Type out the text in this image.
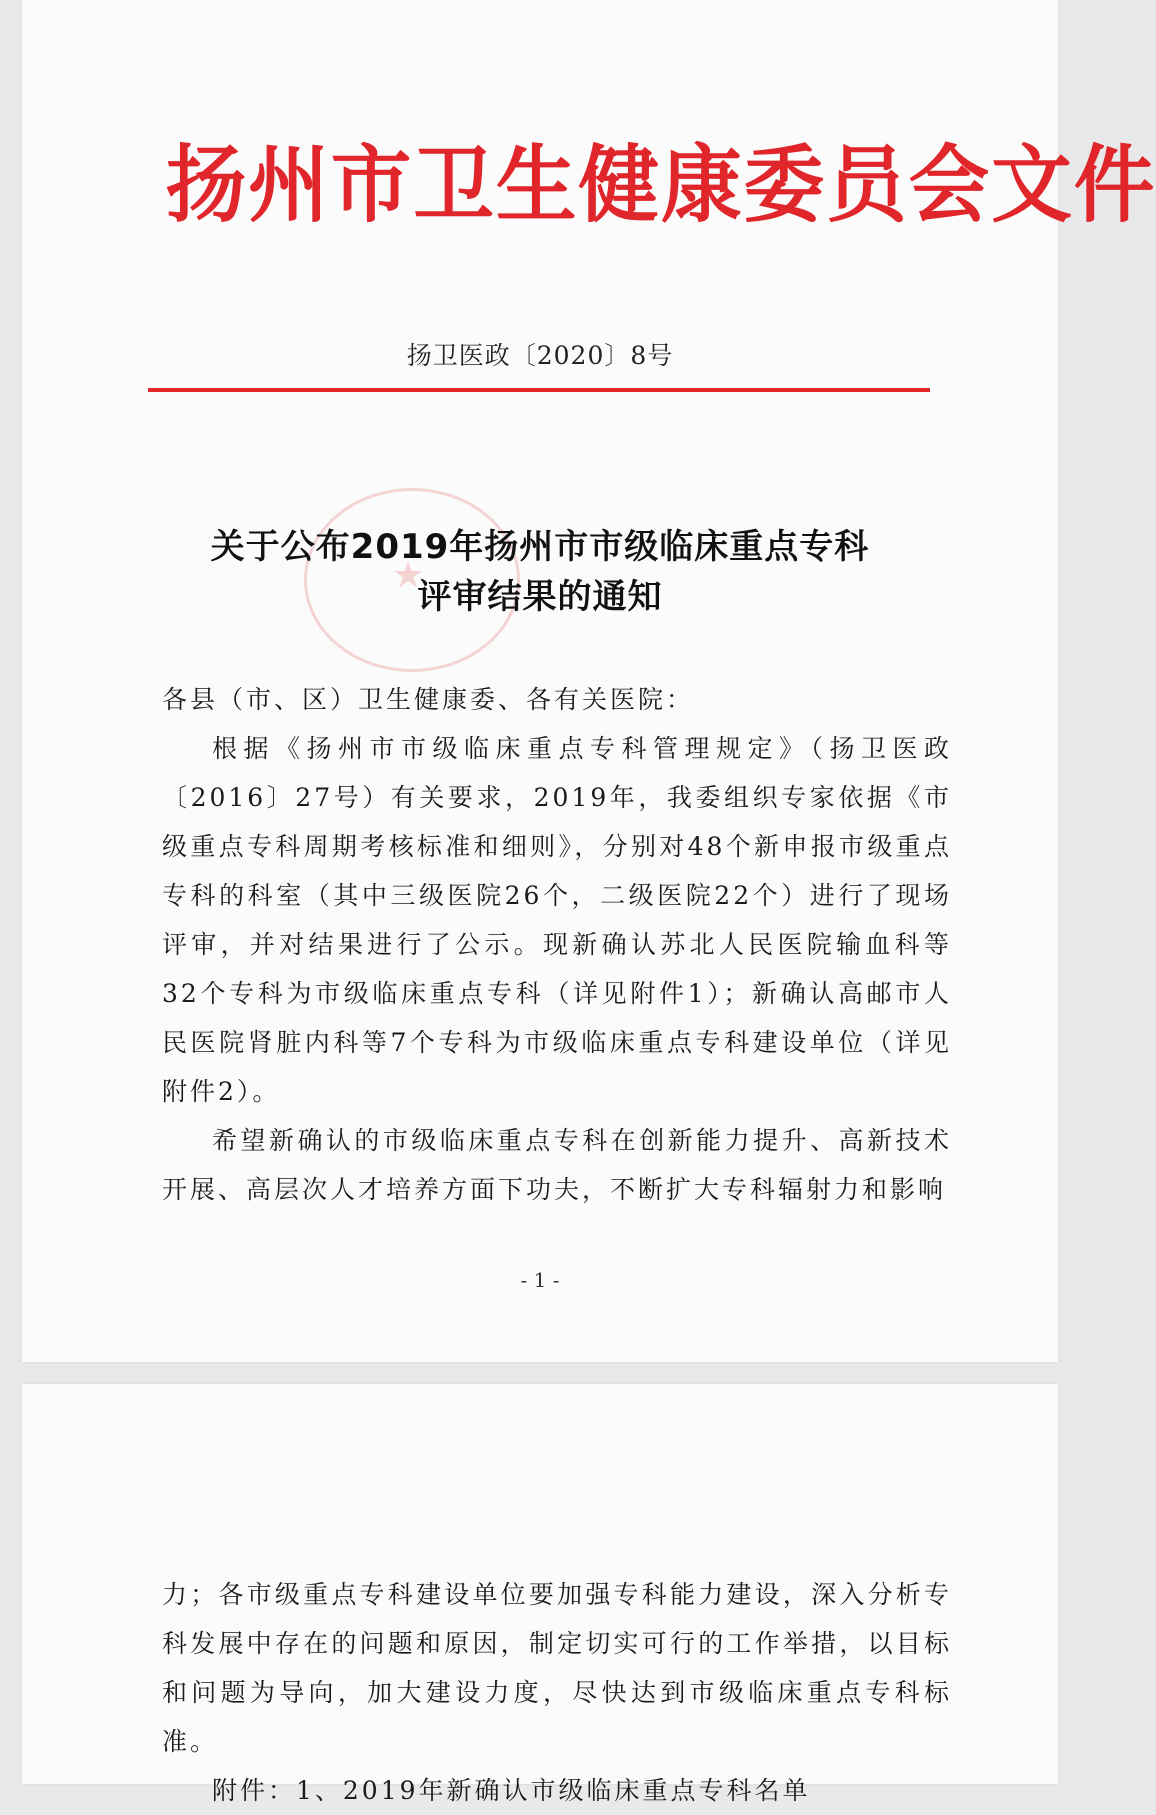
扬州市卫生健康委员会文件
扬卫医政〔2020〕8号
★
关于公布2019年扬州市市级临床重点专科
评审结果的通知

各县（市、区）卫生健康委、各有关医院：

根据《扬州市市级临床重点专科管理规定》（扬卫医政〔2016〕27号）有关要求，2019年，我委组织专家依据《市级重点专科周期考核标准和细则》，分别对48个新申报市级重点专科的科室（其中三级医院26个，二级医院22个）进行了现场评审，并对结果进行了公示。现新确认苏北人民医院输血科等32个专科为市级临床重点专科（详见附件1）；新确认高邮市人民医院肾脏内科等7个专科为市级临床重点专科建设单位（详见附件2）。

希望新确认的市级临床重点专科在创新能力提升、高新技术开展、高层次人才培养方面下功夫，不断扩大专科辐射力和影响

- 1 -

力；各市级重点专科建设单位要加强专科能力建设，深入分析专科发展中存在的问题和原因，制定切实可行的工作举措，以目标和问题为导向，加大建设力度，尽快达到市级临床重点专科标准。

附件：1、2019年新确认市级临床重点专科名单
